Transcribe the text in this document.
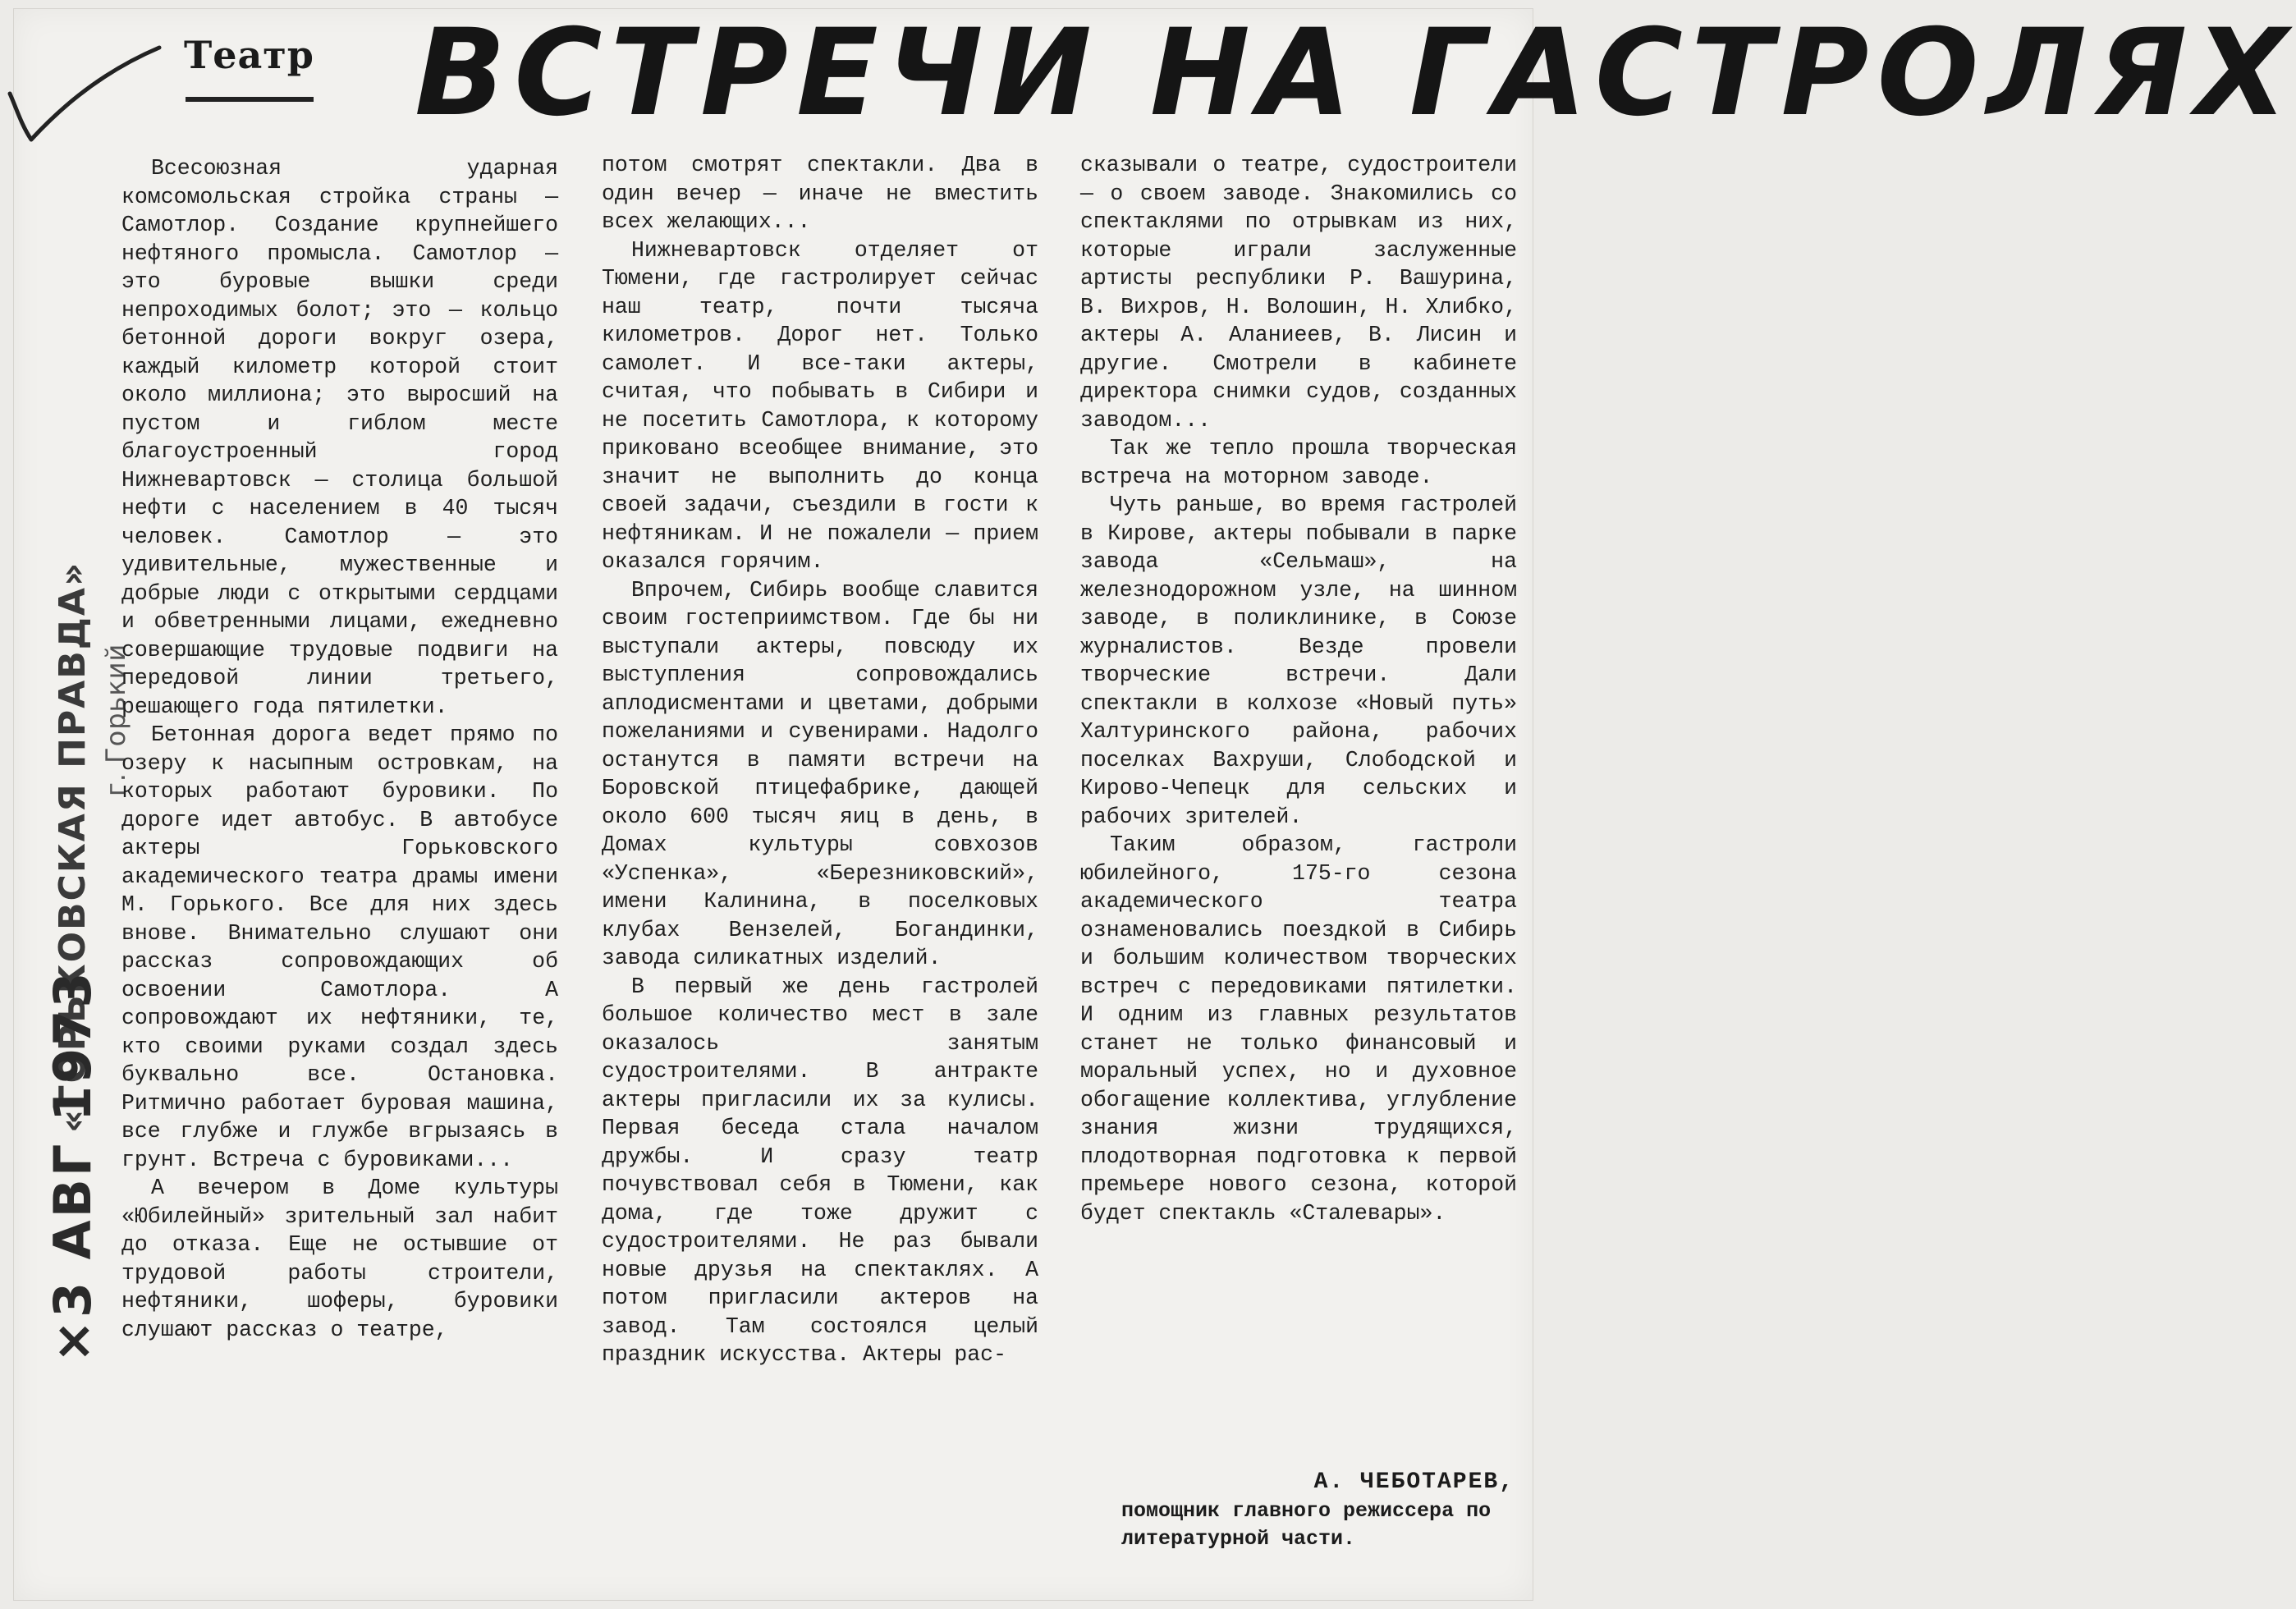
Театр ВСТРЕЧИ НА ГАСТРОЛЯХ
«ГОРЬКОВСКАЯ ПРАВДА»
×3 АВГ 1973
г. Горький

Всесоюзная ударная комсомольская стройка страны — Самотлор. Создание крупнейшего нефтяного промысла. Самотлор — это буровые вышки среди непроходимых болот; это — кольцо бетонной дороги вокруг озера, каждый километр которой стоит около миллиона; это выросший на пустом и гиблом месте благоустроенный город Нижневартовск — столица большой нефти с населением в 40 тысяч человек. Самотлор — это удивительные, мужественные и добрые люди с открытыми сердцами и обветренными лицами, ежедневно совершающие трудовые подвиги на передовой линии третьего, решающего года пятилетки.

Бетонная дорога ведет прямо по озеру к насыпным островкам, на которых работают буровики. По дороге идет автобус. В автобусе актеры Горьковского академического театра драмы имени М. Горького. Все для них здесь внове. Внимательно слушают они рассказ сопровождающих об освоении Самотлора. А сопровождают их нефтяники, те, кто своими руками создал здесь буквально все. Остановка. Ритмично работает буровая машина, все глубже и глужбе вгрызаясь в грунт. Встреча с буровиками...

А вечером в Доме культуры «Юбилейный» зрительный зал набит до отказа. Еще не остывшие от трудовой работы строители, нефтяники, шоферы, буровики слушают рассказ о театре,

потом смотрят спектакли. Два в один вечер — иначе не вместить всех желающих...

Нижневартовск отделяет от Тюмени, где гастролирует сейчас наш театр, почти тысяча километров. Дорог нет. Только самолет. И все-таки актеры, считая, что побывать в Сибири и не посетить Самотлора, к которому приковано всеобщее внимание, это значит не выполнить до конца своей задачи, съездили в гости к нефтяникам. И не пожалели — прием оказался горячим.

Впрочем, Сибирь вообще славится своим гостеприимством. Где бы ни выступали актеры, повсюду их выступления сопровождались аплодисментами и цветами, добрыми пожеланиями и сувенирами. Надолго останутся в памяти встречи на Боровской птицефабрике, дающей около 600 тысяч яиц в день, в Домах культуры совхозов «Успенка», «Березниковский», имени Калинина, в поселковых клубах Вензелей, Богандинки, завода силикатных изделий.

В первый же день гастролей большое количество мест в зале оказалось занятым судостроителями. В антракте актеры пригласили их за кулисы. Первая беседа стала началом дружбы. И сразу театр почувствовал себя в Тюмени, как дома, где тоже дружит с судостроителями. Не раз бывали новые друзья на спектаклях. А потом пригласили актеров на завод. Там состоялся целый праздник искусства. Актеры рас-

сказывали о театре, судостроители — о своем заводе. Знакомились со спектаклями по отрывкам из них, которые играли заслуженные артисты республики Р. Вашурина, В. Вихров, Н. Волошин, Н. Хлибко, актеры А. Аланиеев, В. Лисин и другие. Смотрели в кабинете директора снимки судов, созданных заводом...

Так же тепло прошла творческая встреча на моторном заводе.

Чуть раньше, во время гастролей в Кирове, актеры побывали в парке завода «Сельмаш», на железнодорожном узле, на шинном заводе, в поликлинике, в Союзе журналистов. Везде провели творческие встречи. Дали спектакли в колхозе «Новый путь» Халтуринского района, рабочих поселках Вахруши, Слободской и Кирово-Чепецк для сельских и рабочих зрителей.

Таким образом, гастроли юбилейного, 175-го сезона академического театра ознаменовались поездкой в Сибирь и большим количеством творческих встреч с передовиками пятилетки. И одним из главных результатов станет не только финансовый и моральный успех, но и духовное обогащение коллектива, углубление знания жизни трудящихся, плодотворная подготовка к первой премьере нового сезона, которой будет спектакль «Сталевары».

А. ЧЕБОТАРЕВ,
помощник главного режиссера по литературной части.
